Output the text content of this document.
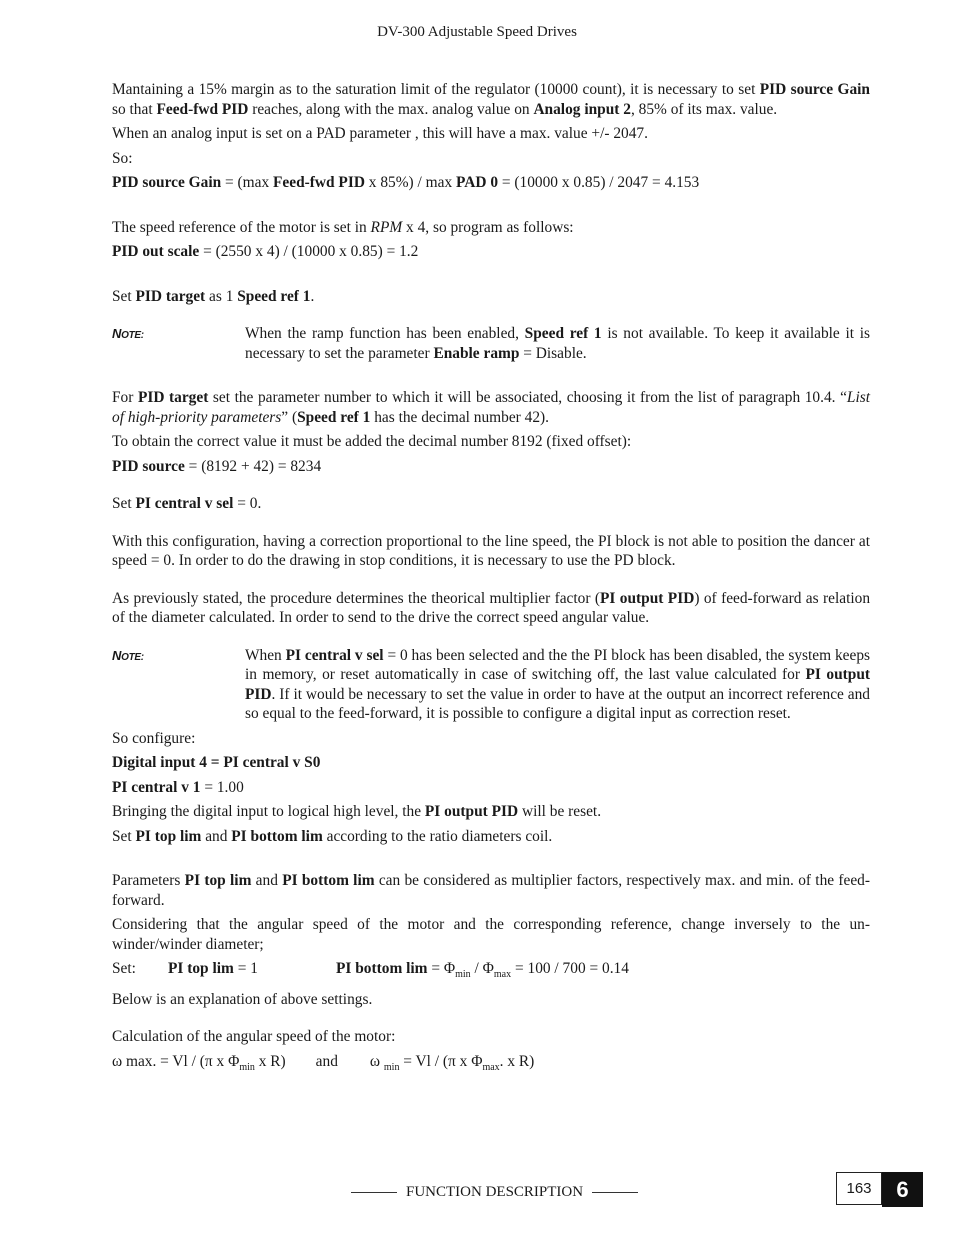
DV-300 Adjustable Speed Drives

Mantaining a 15% margin as to the saturation limit of the regulator (10000 count), it is necessary to set PID source Gain so that Feed-fwd PID reaches, along with the max. analog value on Analog input 2, 85% of its max. value.

When an analog input is set on a PAD parameter , this will have a max. value +/- 2047.

So:

PID source Gain = (max Feed-fwd PID x 85%) / max PAD 0 = (10000 x 0.85) / 2047 = 4.153

The speed reference of the motor is set in RPM x 4, so program as follows:

PID out scale = (2550 x 4) / (10000 x 0.85) = 1.2

Set PID target as 1 Speed ref 1.

NOTE:	When the ramp function has been enabled, Speed ref 1 is not available. To keep it available it is necessary to set the parameter Enable ramp = Disable.

For PID target set the parameter number to which it will be associated, choosing it from the list of paragraph 10.4. “List of high-priority parameters” (Speed ref 1 has the decimal number 42).

To obtain the correct value it must be added the decimal number 8192 (fixed offset):

PID source = (8192 + 42) = 8234

Set PI central v sel = 0.

With this configuration, having a correction proportional to the line speed, the PI block is not able to position the dancer at speed = 0. In order to do the drawing in stop conditions, it is necessary to use the PD block.

As previously stated, the procedure determines the theorical multiplier factor (PI output PID) of feed-forward as relation of the diameter calculated. In order to send to the drive the correct speed angular value.

NOTE:	When PI central v sel = 0 has been selected and the the PI block has been disabled, the system keeps in memory, or reset automatically in case of switching off, the last value calculated for PI output PID. If it would be necessary to set the value in order to have at the output an incorrect reference and so equal to the feed-forward, it is possible to configure a digital input as correction reset.

So configure:

Digital input 4 = PI central v S0

PI central v 1 = 1.00

Bringing the digital input to logical high level, the PI output PID will be reset.

Set PI top lim and PI bottom lim according to the ratio diameters coil.

Parameters PI top lim and PI bottom lim can be considered as multiplier factors, respectively max. and min. of the feed-forward.

Considering that the angular speed of the motor and the corresponding reference, change inversely to the un-winder/winder diameter;

Set:	PI top lim = 1	PI bottom $\lim = \Phi_{min} / \Phi_{max} = 100 / 700 = 0.14$

Below is an explanation of above settings.

Calculation of the angular speed of the motor:

ω max. = Vl / (π x $\Phi_{min}$ x R) and ω $_{min}$ = Vl / (π x $\Phi_{max}$. x R)

FUNCTION DESCRIPTION	163	6
